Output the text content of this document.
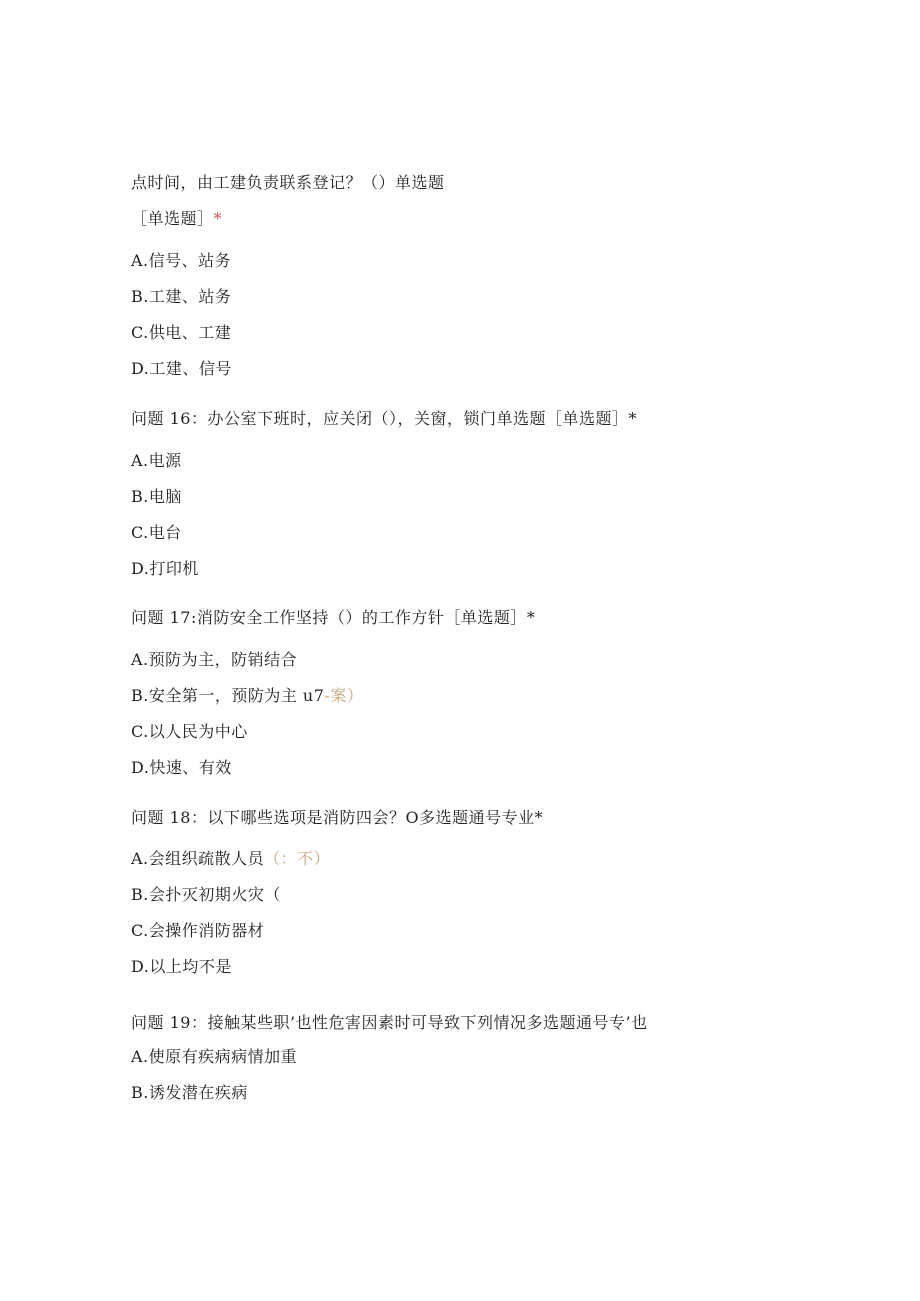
点时间，由工建负责联系登记？（）单选题
［单选题］*
A.信号、站务
B.工建、站务
C.供电、工建
D.工建、信号
问题 16：办公室下班时，应关闭（），关窗，锁门单选题［单选题］*
A.电源
B.电脑
C.电台
D.打印机
问题 17:消防安全工作坚持（）的工作方针［单选题］*
A.预防为主，防销结合
B.安全第一，预防为主 u7-案）
C.以人民为中心
D.快速、有效
问题 18：以下哪些选项是消防四会？O多选题通号专业*
A.会组织疏散人员（：不）
B.会扑灭初期火灾（
C.会操作消防器材
D.以上均不是
问题 19：接触某些职’也性危害因素时可导致下列情况多选题通号专’也
A.使原有疾病病情加重
B.诱发潜在疾病
